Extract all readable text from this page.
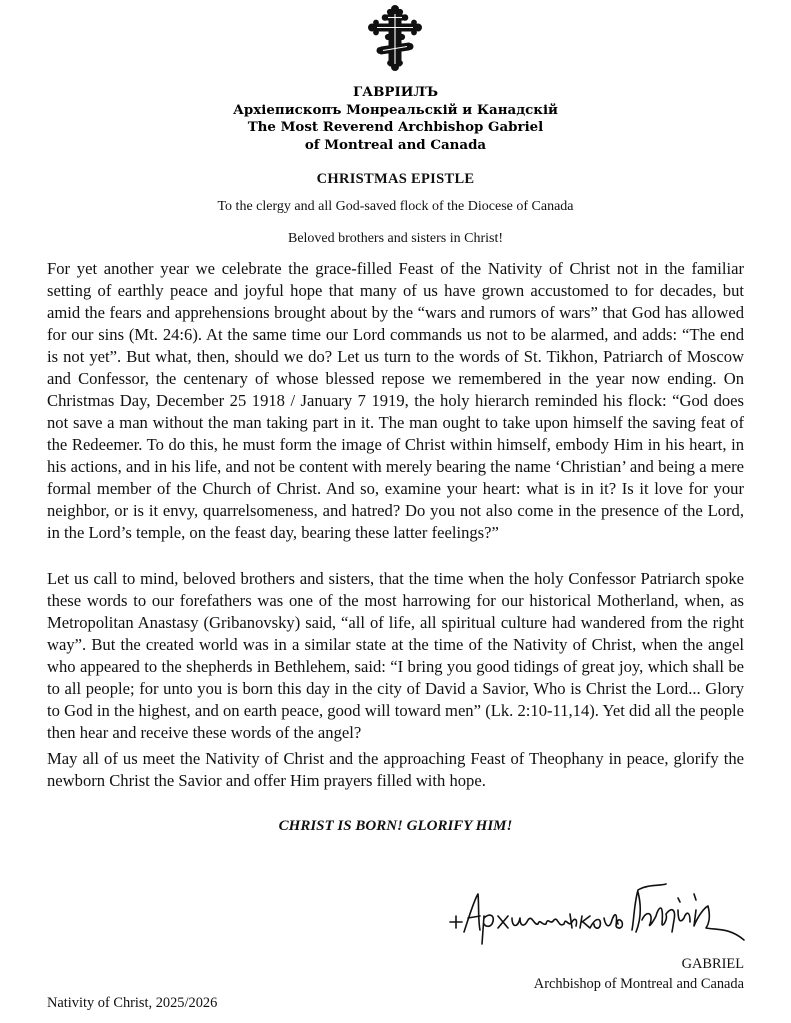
ГАВРІИЛЪ
Архіепископъ Монреальскій и Канадскій
The Most Reverend Archbishop Gabriel
of Montreal and Canada
CHRISTMAS EPISTLE
To the clergy and all God-saved flock of the Diocese of Canada
Beloved brothers and sisters in Christ!

For yet another year we celebrate the grace-filled Feast of the Nativity of Christ not in the familiar setting of earthly peace and joyful hope that many of us have grown accustomed to for decades, but amid the fears and apprehensions brought about by the “wars and rumors of wars” that God has allowed for our sins (Mt. 24:6). At the same time our Lord commands us not to be alarmed, and adds: “The end is not yet”. But what, then, should we do? Let us turn to the words of St. Tikhon, Patriarch of Moscow and Confessor, the centenary of whose blessed repose we remembered in the year now ending. On Christmas Day, December 25 1918 / January 7 1919, the holy hierarch reminded his flock: “God does not save a man without the man taking part in it. The man ought to take upon himself the saving feat of the Redeemer. To do this, he must form the image of Christ within himself, embody Him in his heart, in his actions, and in his life, and not be content with merely bearing the name ‘Christian’ and being a mere formal member of the Church of Christ. And so, examine your heart: what is in it? Is it love for your neighbor, or is it envy, quarrelsomeness, and hatred? Do you not also come in the presence of the Lord, in the Lord’s temple, on the feast day, bearing these latter feelings?”

Let us call to mind, beloved brothers and sisters, that the time when the holy Confessor Patriarch spoke these words to our forefathers was one of the most harrowing for our historical Motherland, when, as Metropolitan Anastasy (Gribanovsky) said, “all of life, all spiritual culture had wandered from the right way”. But the created world was in a similar state at the time of the Nativity of Christ, when the angel who appeared to the shepherds in Bethlehem, said: “I bring you good tidings of great joy, which shall be to all people; for unto you is born this day in the city of David a Savior, Who is Christ the Lord... Glory to God in the highest, and on earth peace, good will toward men” (Lk. 2:10-11,14). Yet did all the people then hear and receive these words of the angel?

May all of us meet the Nativity of Christ and the approaching Feast of Theophany in peace, glorify the newborn Christ the Savior and offer Him prayers filled with hope.

CHRIST IS BORN! GLORIFY HIM!
GABRIEL
Archbishop of Montreal and Canada
Nativity of Christ, 2025/2026
